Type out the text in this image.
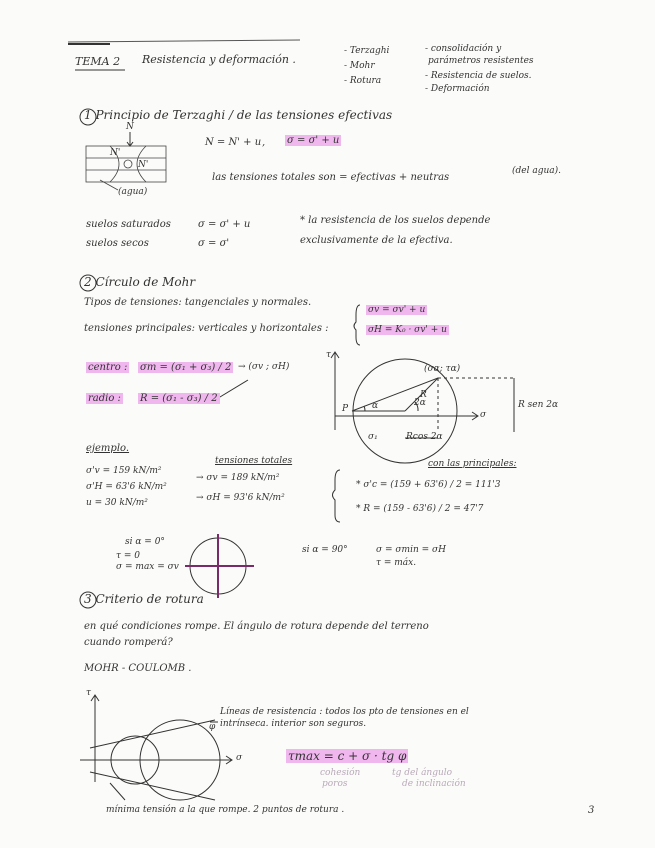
TEMA 2 Resistencia y deformación .
- Terzaghi
- Mohr
- Rotura
- consolidación y
parámetros resistentes
- Resistencia de suelos.
- Deformación
1 Principio de Terzaghi / de las tensiones efectivas
N
N'
N'
(agua)
N = N' + u , σ = σ' + u
las tensiones totales son = efectivas + neutras
(del agua).
suelos saturados	σ = σ' + u
suelos secos	σ = σ'
* la resistencia de los suelos depende
exclusivamente de la efectiva.
2 Círculo de Mohr
Tipos de tensiones: tangenciales y normales.
tensiones principales: verticales y horizontales :
σv = σv' + u
σH = K₀ · σv' + u
centro : σm = (σ₁ + σ₃) / 2 → (σv ; σH)
radio : R = (σ₁ - σ₃) / 2
τ
(σα; τα)
P
R
2α
α
σ
σ₁	Rcos 2α
R sen 2α
ejemplo.
σ'v = 159 kN/m²
σ'H = 63'6 kN/m²
u = 30 kN/m²
tensiones totales
→ σv = 189 kN/m²
→ σH = 93'6 kN/m²
con las principales:
* σ'c = (159 + 63'6) / 2 = 111'3
* R = (159 - 63'6) / 2 = 47'7
si α = 0°
τ = 0
σ = max = σv
si α = 90°	σ = σmin = σH
τ = máx.
3 Criterio de rotura
en qué condiciones rompe. El ángulo de rotura depende del terreno
cuando romperá?
MOHR - COULOMB .
τ
σ
φ
Líneas de resistencia : todos los pto de tensiones en el
intrínseca. interior son seguros.
τmax = c + σ · tg φ
cohesión
poros
tg del ángulo
de inclinación
mínima tensión a la que rompe. 2 puntos de rotura .	3
